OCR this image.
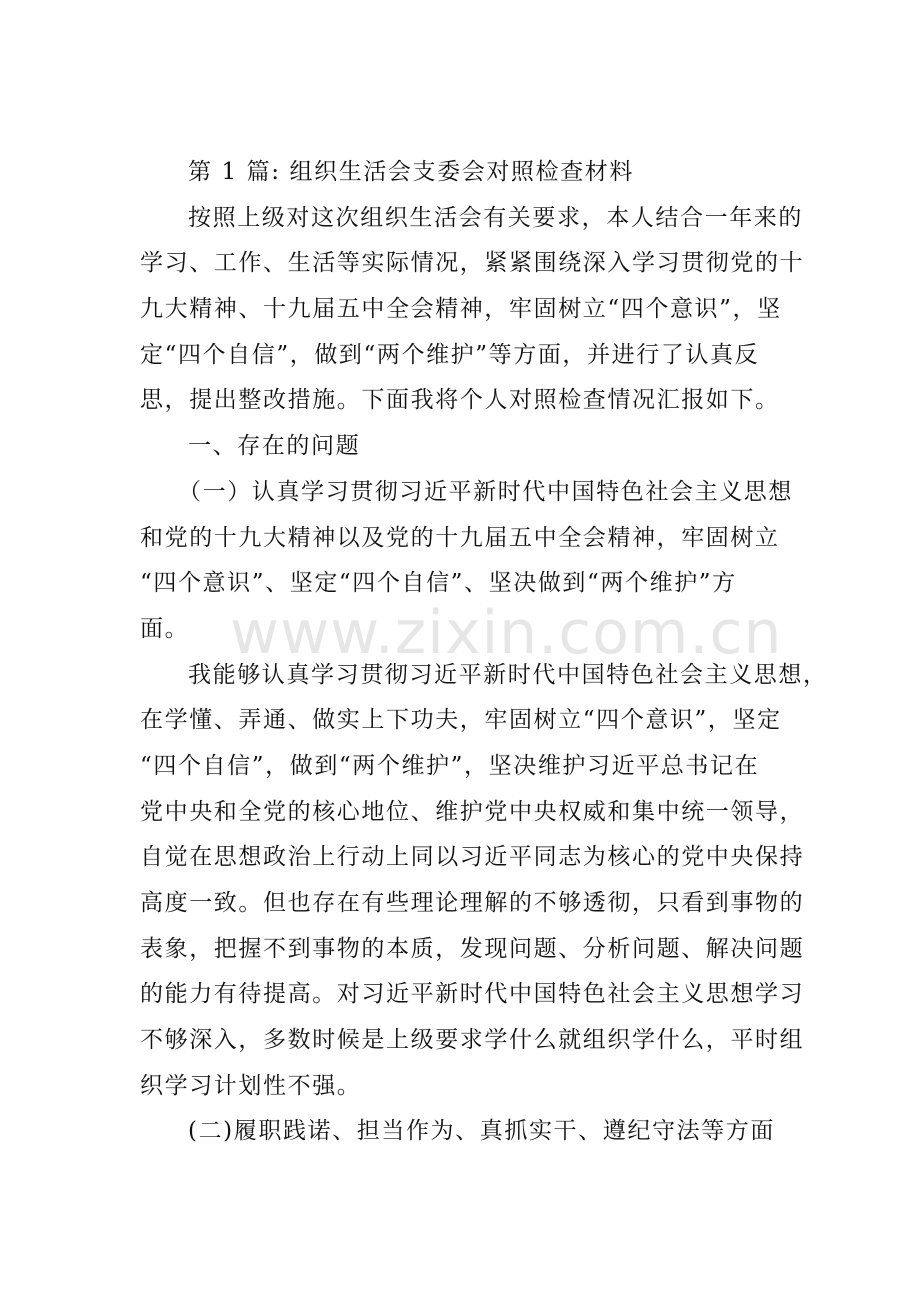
www.zixin.com.cn
第 1 篇: 组织生活会支委会对照检查材料
按照上级对这次组织生活会有关要求，本人结合一年来的
学习、工作、生活等实际情况，紧紧围绕深入学习贯彻党的十
九大精神、十九届五中全会精神，牢固树立“四个意识”，坚
定“四个自信”，做到“两个维护”等方面，并进行了认真反
思，提出整改措施。下面我将个人对照检查情况汇报如下。
一、存在的问题
（一）认真学习贯彻习近平新时代中国特色社会主义思想
和党的十九大精神以及党的十九届五中全会精神，牢固树立
“四个意识”、坚定“四个自信”、坚决做到“两个维护”方
面。
我能够认真学习贯彻习近平新时代中国特色社会主义思想，
在学懂、弄通、做实上下功夫，牢固树立“四个意识”，坚定
“四个自信”，做到“两个维护”，坚决维护习近平总书记在
党中央和全党的核心地位、维护党中央权威和集中统一领导，
自觉在思想政治上行动上同以习近平同志为核心的党中央保持
高度一致。但也存在有些理论理解的不够透彻，只看到事物的
表象，把握不到事物的本质，发现问题、分析问题、解决问题
的能力有待提高。对习近平新时代中国特色社会主义思想学习
不够深入，多数时候是上级要求学什么就组织学什么，平时组
织学习计划性不强。
(二)履职践诺、担当作为、真抓实干、遵纪守法等方面
